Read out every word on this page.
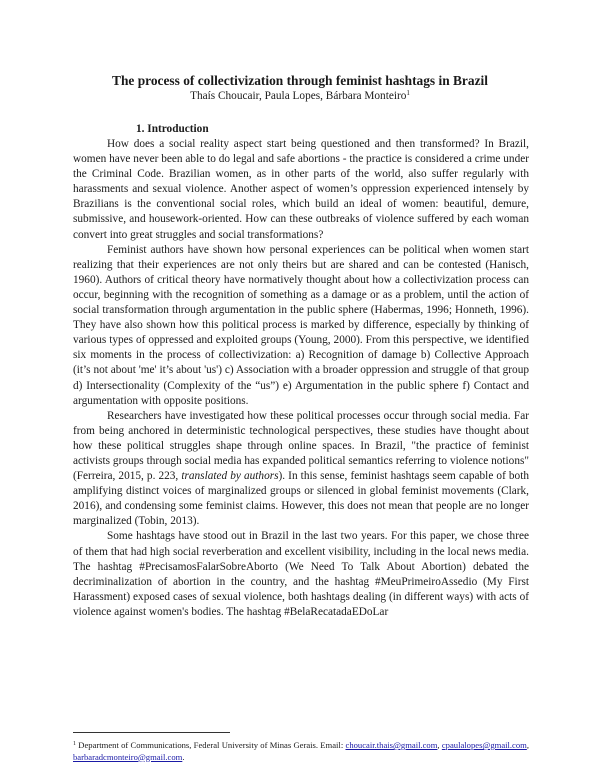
The process of collectivization through feminist hashtags in Brazil
Thaís Choucair, Paula Lopes, Bárbara Monteiro$^1$
1. Introduction

How does a social reality aspect start being questioned and then transformed? In Brazil, women have never been able to do legal and safe abortions - the practice is considered a crime under the Criminal Code. Brazilian women, as in other parts of the world, also suffer regularly with harassments and sexual violence. Another aspect of women’s oppression experienced intensely by Brazilians is the conventional social roles, which build an ideal of women: beautiful, demure, submissive, and housework-oriented. How can these outbreaks of violence suffered by each woman convert into great struggles and social transformations?

Feminist authors have shown how personal experiences can be political when women start realizing that their experiences are not only theirs but are shared and can be contested (Hanisch, 1960). Authors of critical theory have normatively thought about how a collectivization process can occur, beginning with the recognition of something as a damage or as a problem, until the action of social transformation through argumentation in the public sphere (Habermas, 1996; Honneth, 1996). They have also shown how this political process is marked by difference, especially by thinking of various types of oppressed and exploited groups (Young, 2000). From this perspective, we identified six moments in the process of collectivization: a) Recognition of damage b) Collective Approach (it’s not about 'me' it’s about 'us') c) Association with a broader oppression and struggle of that group d) Intersectionality (Complexity of the “us”) e) Argumentation in the public sphere f) Contact and argumentation with opposite positions.

Researchers have investigated how these political processes occur through social media. Far from being anchored in deterministic technological perspectives, these studies have thought about how these political struggles shape through online spaces. In Brazil, "the practice of feminist activists groups through social media has expanded political semantics referring to violence notions" (Ferreira, 2015, p. 223, translated by authors). In this sense, feminist hashtags seem capable of both amplifying distinct voices of marginalized groups or silenced in global feminist movements (Clark, 2016), and condensing some feminist claims. However, this does not mean that people are no longer marginalized (Tobin, 2013).

Some hashtags have stood out in Brazil in the last two years. For this paper, we chose three of them that had high social reverberation and excellent visibility, including in the local news media. The hashtag #PrecisamosFalarSobreAborto (We Need To Talk About Abortion) debated the decriminalization of abortion in the country, and the hashtag #MeuPrimeiroAssedio (My First Harassment) exposed cases of sexual violence, both hashtags dealing (in different ways) with acts of violence against women's bodies. The hashtag #BelaRecatadaEDoLar

$^1$ Department of Communications, Federal University of Minas Gerais. Email: choucair.thais@gmail.com, cpaulalopes@gmail.com, barbaradcmonteiro@gmail.com.
